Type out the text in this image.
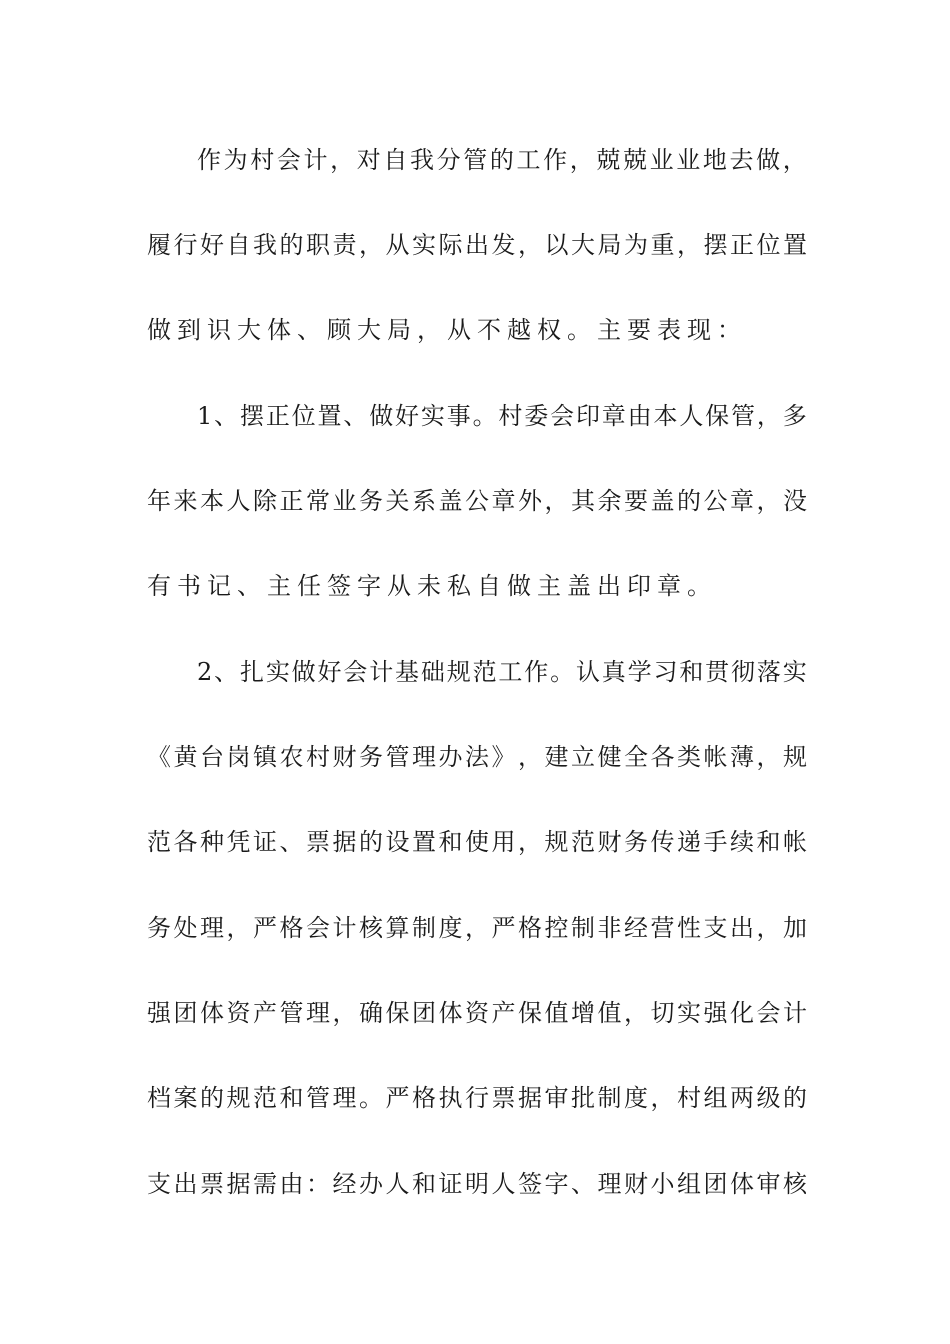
作 为 村 会 计 ， 对 自 我 分 管 的 工 作 ， 兢 兢 业 业 地 去 做 ，
履 行 好 自 我 的 职 责 ， 从 实 际 出 发 ， 以 大 局 为 重 ， 摆 正 位 置
做到识大体、顾大局，从不越权。主要表现：
1 、 摆 正 位 置 、 做 好 实 事 。 村 委 会 印 章 由 本 人 保 管 ， 多
年 来 本 人 除 正 常 业 务 关 系 盖 公 章 外 ， 其 余 要 盖 的 公 章 ， 没
有书记、主任签字从未私自做主盖出印章。
2 、 扎 实 做 好 会 计 基 础 规 范 工 作 。 认 真 学 习 和 贯 彻 落 实
《 黄 台 岗 镇 农 村 财 务 管 理 办 法 》 ， 建 立 健 全 各 类 帐 薄 ， 规
范 各 种 凭 证 、 票 据 的 设 置 和 使 用 ， 规 范 财 务 传 递 手 续 和 帐
务 处 理 ， 严 格 会 计 核 算 制 度 ， 严 格 控 制 非 经 营 性 支 出 ， 加
强 团 体 资 产 管 理 ， 确 保 团 体 资 产 保 值 增 值 ， 切 实 强 化 会 计
档 案 的 规 范 和 管 理 。 严 格 执 行 票 据 审 批 制 度 ， 村 组 两 级 的
支 出 票 据 需 由 ： 经 办 人 和 证 明 人 签 字 、 理 财 小 组 团 体 审 核
